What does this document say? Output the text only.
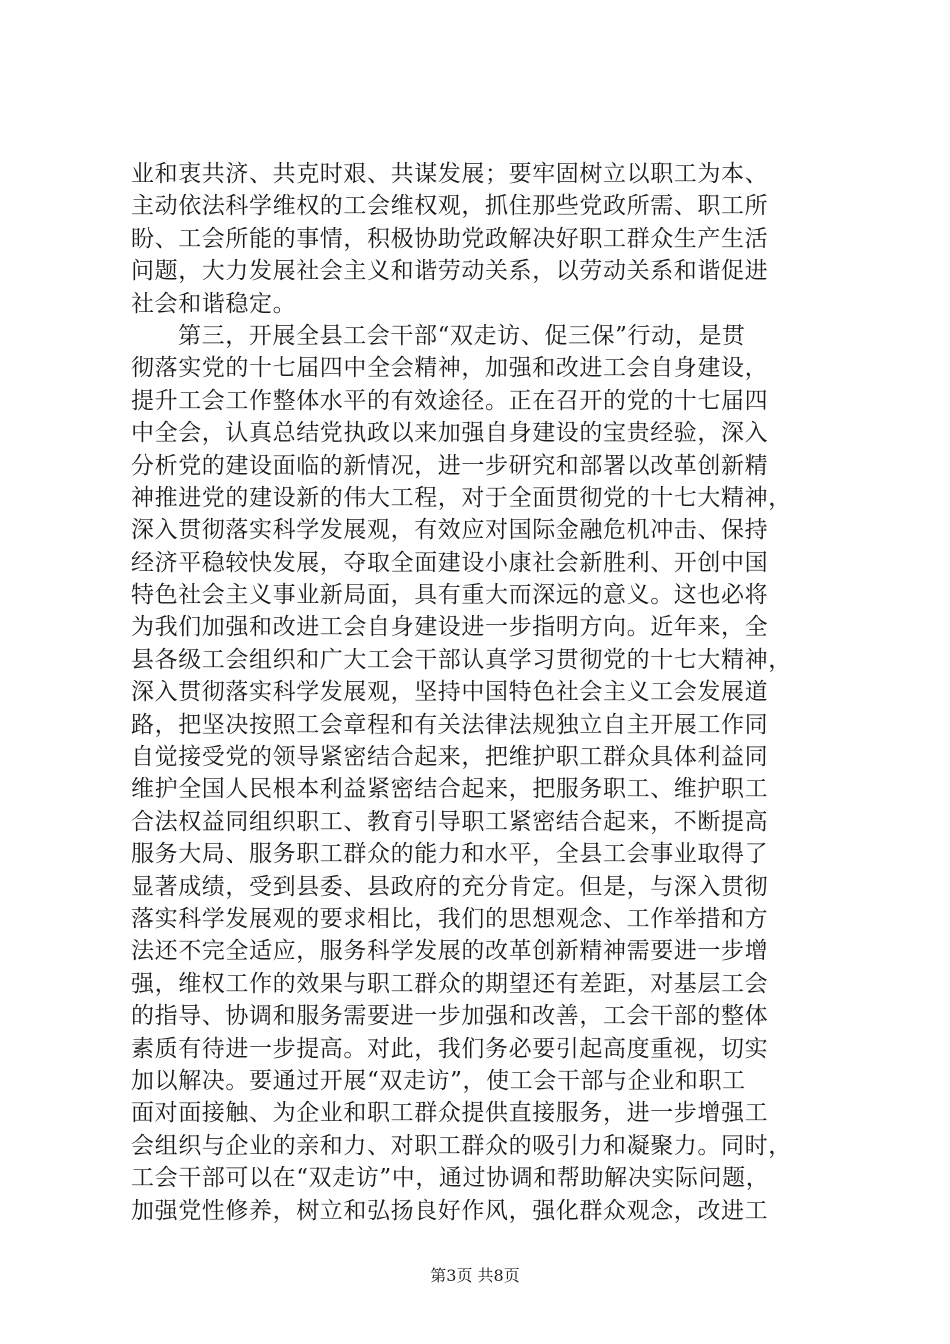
业和衷共济、共克时艰、共谋发展；要牢固树立以职工为本、
主动依法科学维权的工会维权观，抓住那些党政所需、职工所
盼、工会所能的事情，积极协助党政解决好职工群众生产生活
问题，大力发展社会主义和谐劳动关系，以劳动关系和谐促进
社会和谐稳定。
第三，开展全县工会干部“双走访、促三保”行动，是贯
彻落实党的十七届四中全会精神，加强和改进工会自身建设，
提升工会工作整体水平的有效途径。正在召开的党的十七届四
中全会，认真总结党执政以来加强自身建设的宝贵经验，深入
分析党的建设面临的新情况，进一步研究和部署以改革创新精
神推进党的建设新的伟大工程，对于全面贯彻党的十七大精神，
深入贯彻落实科学发展观，有效应对国际金融危机冲击、保持
经济平稳较快发展，夺取全面建设小康社会新胜利、开创中国
特色社会主义事业新局面，具有重大而深远的意义。这也必将
为我们加强和改进工会自身建设进一步指明方向。近年来，全
县各级工会组织和广大工会干部认真学习贯彻党的十七大精神，
深入贯彻落实科学发展观，坚持中国特色社会主义工会发展道
路，把坚决按照工会章程和有关法律法规独立自主开展工作同
自觉接受党的领导紧密结合起来，把维护职工群众具体利益同
维护全国人民根本利益紧密结合起来，把服务职工、维护职工
合法权益同组织职工、教育引导职工紧密结合起来，不断提高
服务大局、服务职工群众的能力和水平，全县工会事业取得了
显著成绩，受到县委、县政府的充分肯定。但是，与深入贯彻
落实科学发展观的要求相比，我们的思想观念、工作举措和方
法还不完全适应，服务科学发展的改革创新精神需要进一步增
强，维权工作的效果与职工群众的期望还有差距，对基层工会
的指导、协调和服务需要进一步加强和改善，工会干部的整体
素质有待进一步提高。对此，我们务必要引起高度重视，切实
加以解决。要通过开展“双走访”，使工会干部与企业和职工
面对面接触、为企业和职工群众提供直接服务，进一步增强工
会组织与企业的亲和力、对职工群众的吸引力和凝聚力。同时，
工会干部可以在“双走访”中，通过协调和帮助解决实际问题，
加强党性修养，树立和弘扬良好作风，强化群众观念，改进工
第3页 共8页
